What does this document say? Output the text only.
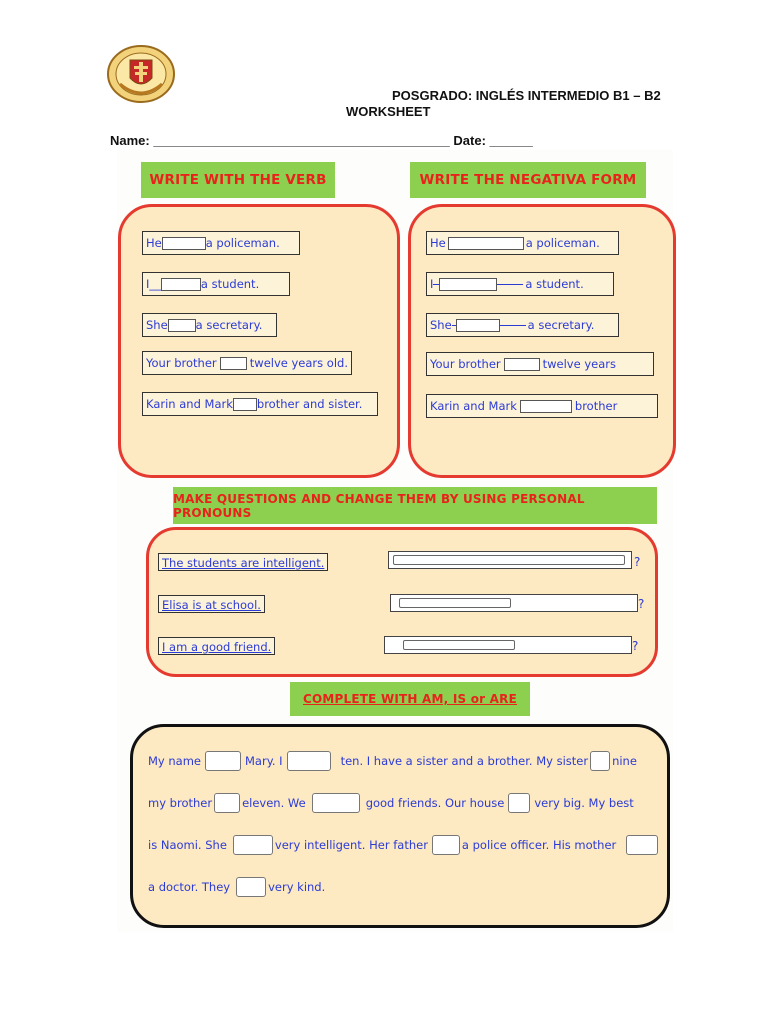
POSGRADO: INGLÉS INTERMEDIO B1 – B2
WORKSHEET
Name: _________________________________________ Date: ______
WRITE WITH THE VERB	WRITE THE NEGATIVA FORM
He	a policeman.
I__	a student.
She a secretary.
Your brother	twelve years old.
Karin and Mark brother and sister.
He	a policeman.
I	a student.
She	a secretary.
Your brother	twelve years
Karin and Mark	brother
MAKE QUESTIONS AND CHANGE THEM BY USING PERSONAL PRONOUNS
The students are intelligent.	?
Elisa is at school.	?
I am a good friend.	?
COMPLETE WITH AM, IS or ARE
My name	Mary. I	ten. I have a sister and a brother. My sister nine
my brother	eleven. We	good friends. Our house	very big. My best
is Naomi. She	very intelligent. Her father	a police officer. His mother
a doctor. They	very kind.
